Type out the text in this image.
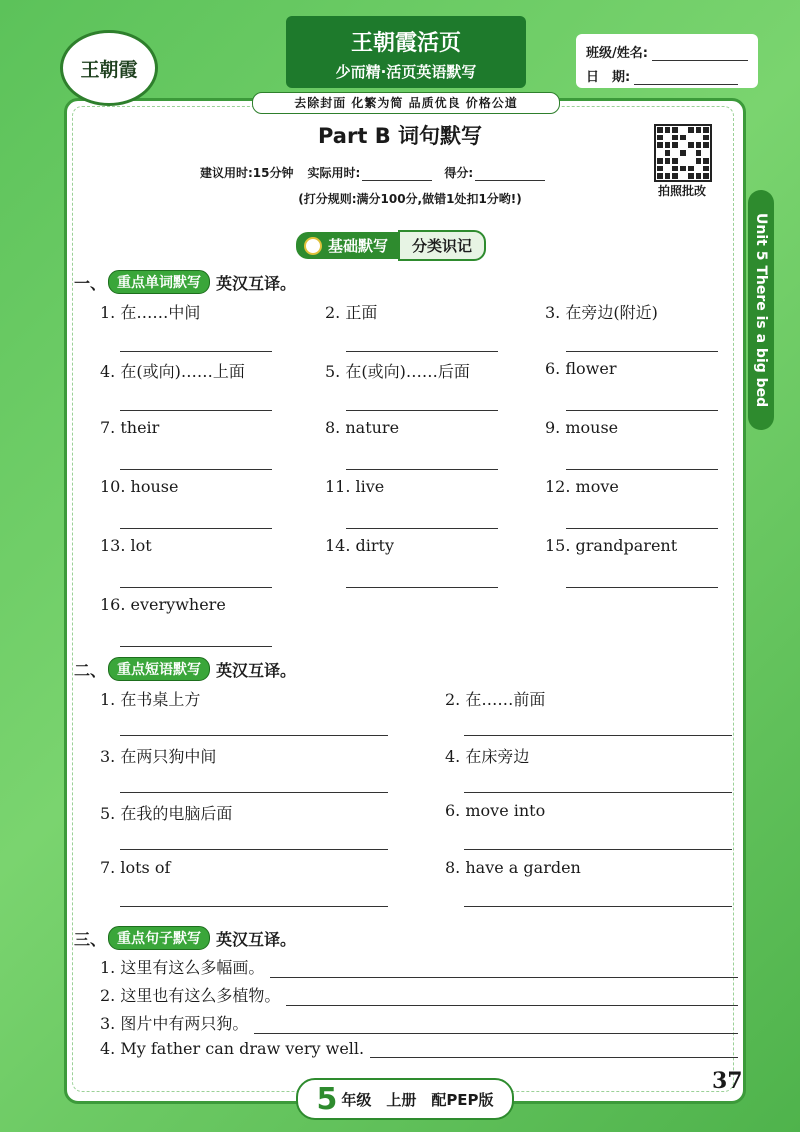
王朝霞
王朝霞活页
少而精·活页英语默写
去除封面 化繁为简 品质优良 价格公道
班级/姓名:
日　期:
Part B 词句默写
建议用时:15分钟 实际用时:	得分:
(打分规则:满分100分,做错1处扣1分哟!)
拍照批改
Unit 5 There is a big bed
基础默写	分类识记
一、 重点单词默写 英汉互译。
1. 在……中间	2. 正面	3. 在旁边(附近)
4. 在(或向)……上面	5. 在(或向)……后面	6. flower
7. their	8. nature	9. mouse
10. house	11. live	12. move
13. lot	14. dirty	15. grandparent
16. everywhere
二、 重点短语默写 英汉互译。
1. 在书桌上方	2. 在……前面
3. 在两只狗中间	4. 在床旁边
5. 在我的电脑后面	6. move into
7. lots of	8. have a garden
三、 重点句子默写 英汉互译。
1. 这里有这么多幅画。
2. 这里也有这么多植物。
3. 图片中有两只狗。
4. My father can draw very well.
5 年级　上册　配PEP版
37
